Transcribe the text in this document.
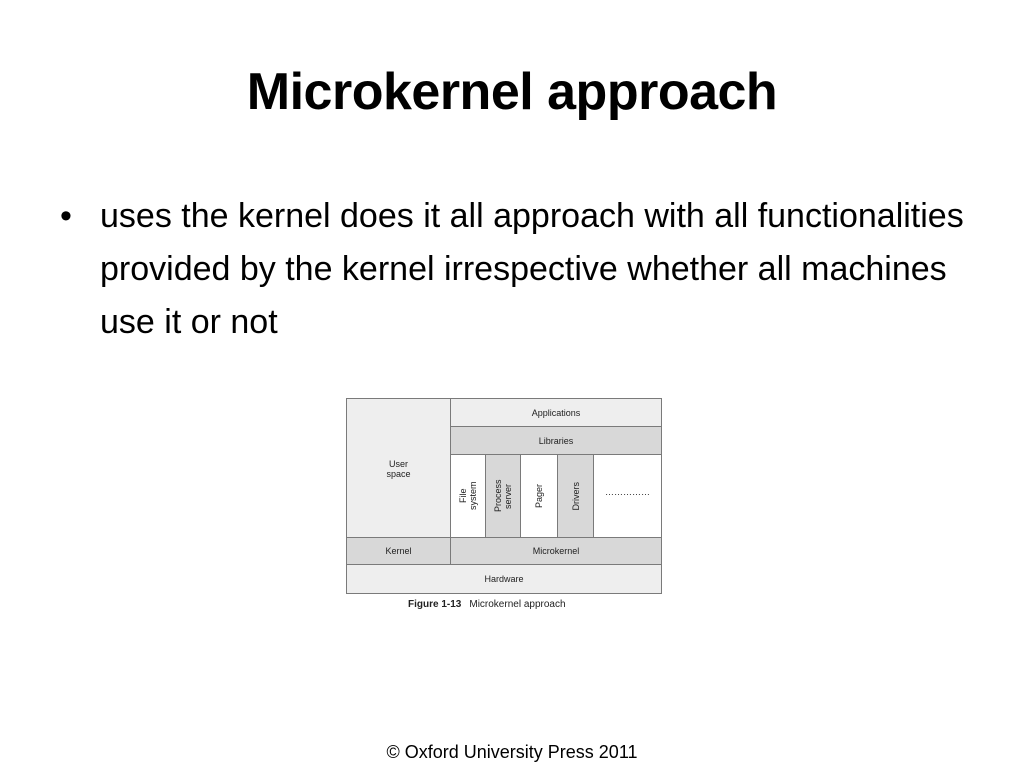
Microkernel approach
• uses the kernel does it all approach with all functionalities provided by the kernel irrespective whether all machines use it or not
User space
Applications
Libraries
File system Process server Pager	Drivers	……………
Kernel	Microkernel
Hardware
Figure 1-13 Microkernel approach
© Oxford University Press 2011
